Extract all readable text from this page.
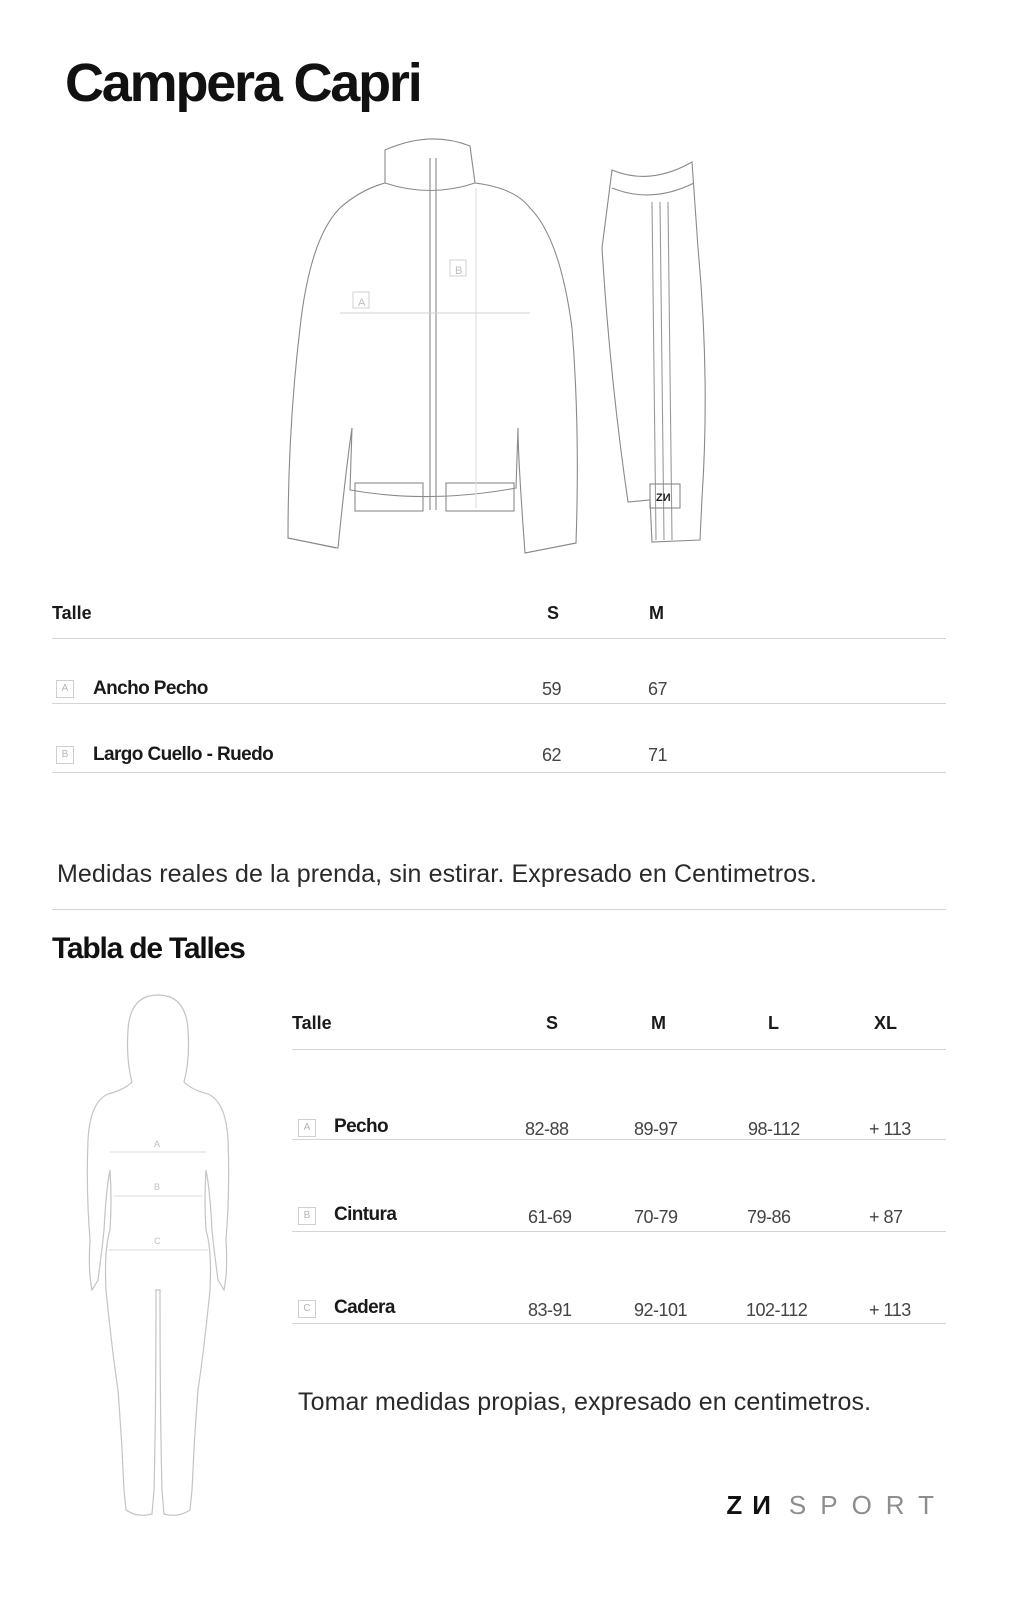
Campera Capri
A
B
ZИ
Talle	S	M
A Ancho Pecho	59	67
B Largo Cuello - Ruedo	62	71

Medidas reales de la prenda, sin estirar. Expresado en Centimetros.

Tabla de Talles
A
B
C
Talle	S	M	L	XL
A Pecho	82-88	89-97	98-112	+ 113
B Cintura	61-69	70-79	79-86	+ 87
C Cadera	83-91	92-101	102-112	+ 113

Tomar medidas propias, expresado en centimetros.

ZИ SPORT
